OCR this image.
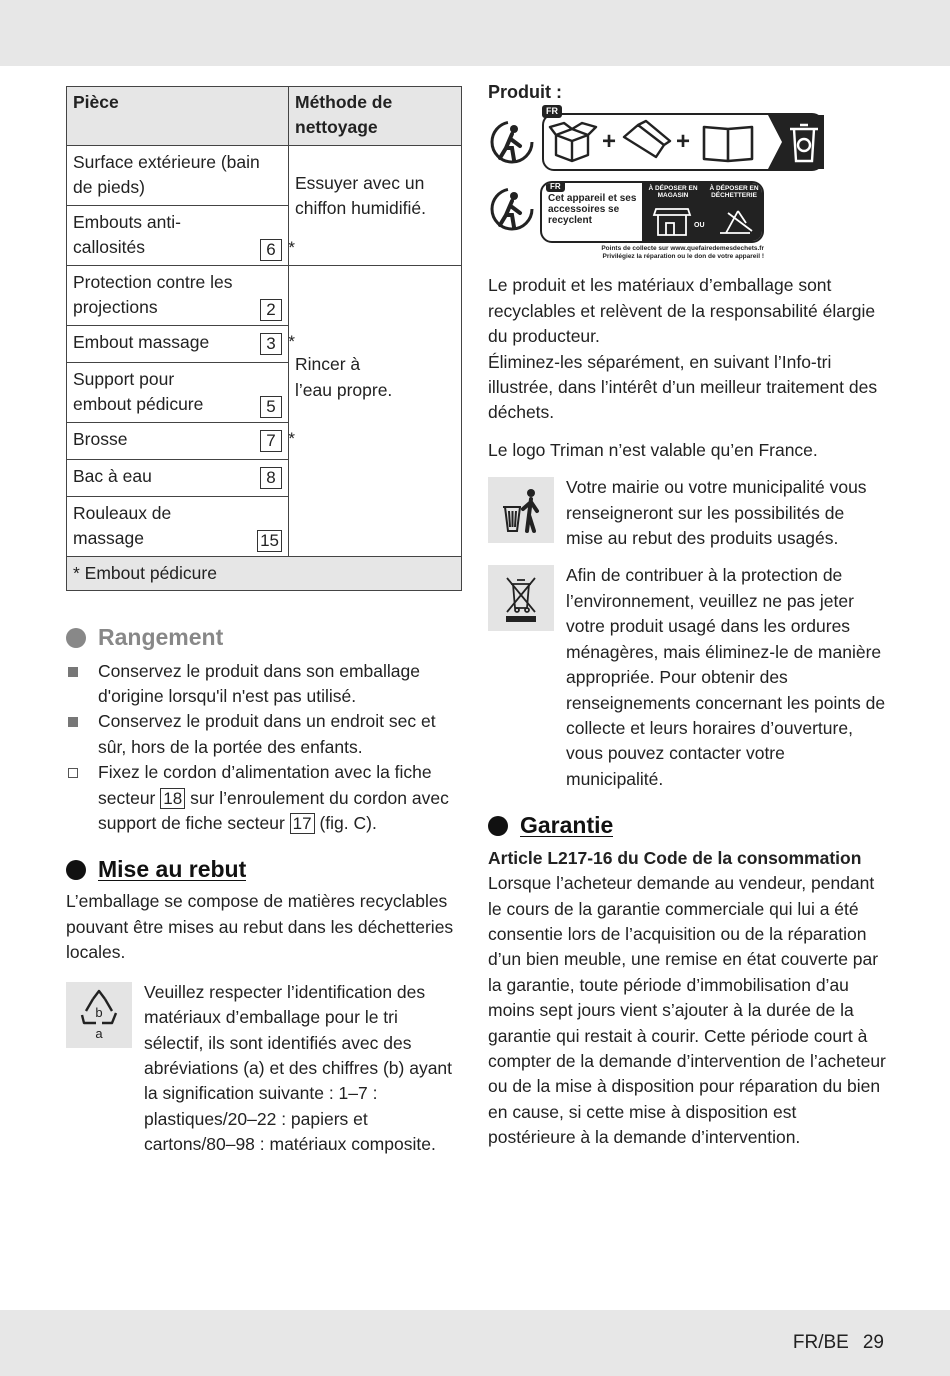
Pièce	Méthode de nettoyage
Surface extérieure (bain de pieds)	Essuyer avec un chiffon humidifié.

Embouts anti-callosités 6 *	

Protection contre les projections 2	Rincer à l’eau propre.

Embout massage 3 *	

Support pour embout pédicure 5	

Brosse 7 *	

Bac à eau 8	

Rouleaux de massage 15	

* Embout pédicure	
Rangement
Conservez le produit dans son emballage d'origine lorsqu'il n'est pas utilisé.
Conservez le produit dans un endroit sec et sûr, hors de la portée des enfants.
Fixez le cordon d’alimentation avec la fiche secteur 18 sur l’enroulement du cordon avec support de fiche secteur 17 (fig. C).
Mise au rebut

L’emballage se compose de matières recyclables pouvant être mises au rebut dans les déchetteries locales.

b
a

Veuillez respecter l’identification des matériaux d’emballage pour le tri sélectif, ils sont identifiés avec des abréviations (a) et des chiffres (b) ayant la signification suivante : 1–7 : plastiques/20–22 : papiers et cartons/80–98 : matériaux composite.

Produit :

FR
+ +
Cet appareil et ses accessoires se recyclent
À DÉPOSER EN MAGASIN
À DÉPOSER EN DÉCHETTERIE
OU
FR
Points de collecte sur www.quefairedemesdechets.fr
Privilégiez la réparation ou le don de votre appareil !

Le produit et les matériaux d’emballage sont recyclables et relèvent de la responsabilité élargie du producteur.

Éliminez-les séparément, en suivant l’Info-tri illustrée, dans l’intérêt d’un meilleur traitement des déchets.

Le logo Triman n’est valable qu’en France.

Votre mairie ou votre municipalité vous renseigneront sur les possibilités de mise au rebut des produits usagés.

Afin de contribuer à la protection de l’environnement, veuillez ne pas jeter votre produit usagé dans les ordures ménagères, mais éliminez-le de manière appropriée. Pour obtenir des renseignements concernant les points de collecte et leurs horaires d’ouverture, vous pouvez contacter votre municipalité.

Garantie

Article L217-16 du Code de la consommation

Lorsque l’acheteur demande au vendeur, pendant le cours de la garantie commerciale qui lui a été consentie lors de l’acquisition ou de la réparation d’un bien meuble, une remise en état couverte par la garantie, toute période d’immobilisation d’au moins sept jours vient s’ajouter à la durée de la garantie qui restait à courir. Cette période court à compter de la demande d’intervention de l’acheteur ou de la mise à disposition pour réparation du bien en cause, si cette mise à disposition est postérieure à la demande d’intervention.

FR/BE 29
